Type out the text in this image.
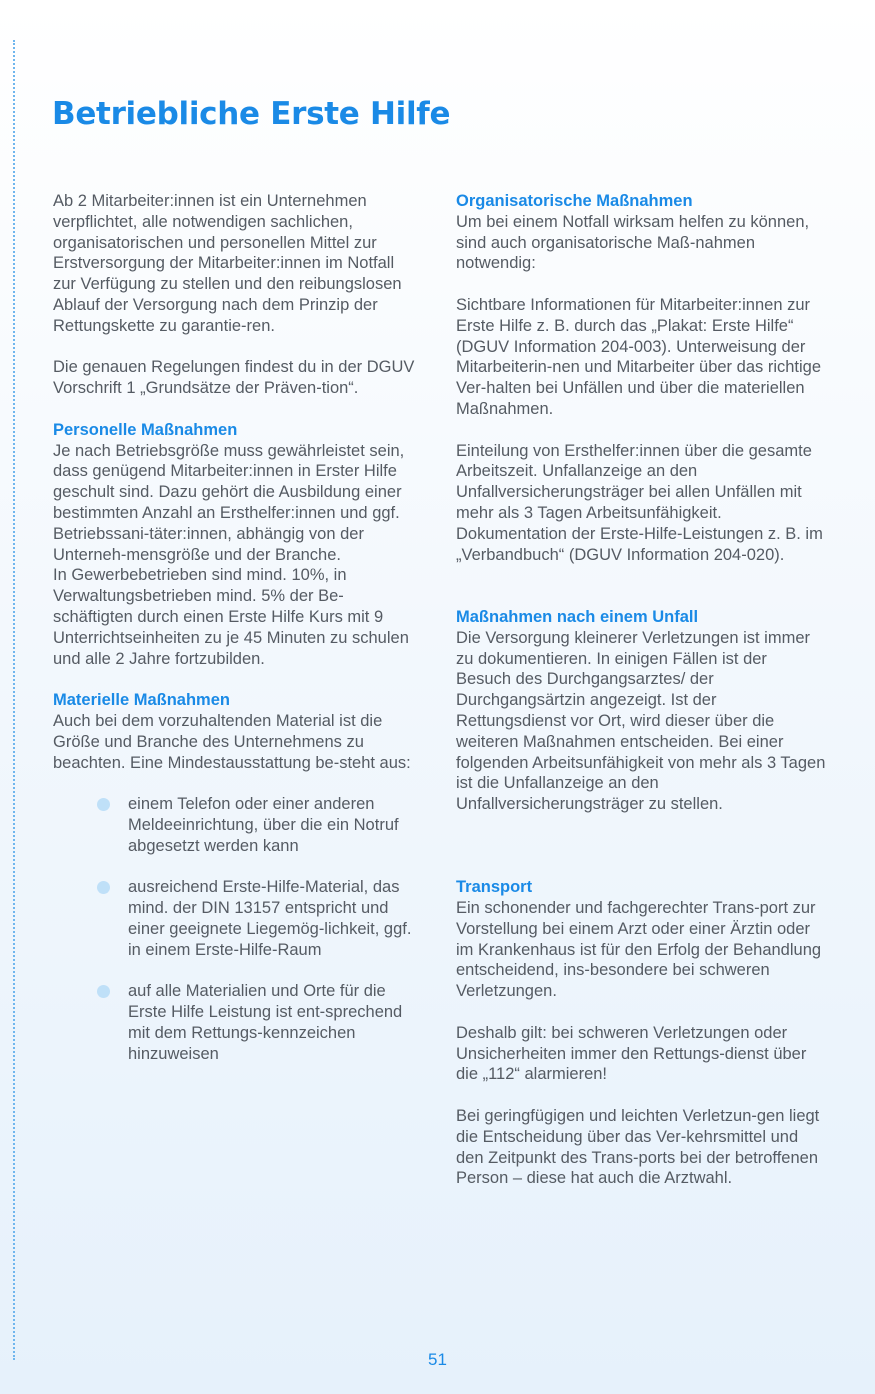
Betriebliche Erste Hilfe

Ab 2 Mitarbeiter:innen ist ein Unternehmen verpflichtet, alle notwendigen sachlichen, organisatorischen und personellen Mittel zur Erstversorgung der Mitarbeiter:innen im Notfall zur Verfügung zu stellen und den reibungslosen Ablauf der Versorgung nach dem Prinzip der Rettungskette zu garantie-ren.

Die genauen Regelungen findest du in der DGUV Vorschrift 1 „Grundsätze der Präven-tion“.

Personelle Maßnahmen

Je nach Betriebsgröße muss gewährleistet sein, dass genügend Mitarbeiter:innen in Erster Hilfe geschult sind. Dazu gehört die Ausbildung einer bestimmten Anzahl an Ersthelfer:innen und ggf. Betriebssani-täter:innen, abhängig von der Unterneh-mensgröße und der Branche.

In Gewerbebetrieben sind mind. 10%, in Verwaltungsbetrieben mind. 5% der Be-schäftigten durch einen Erste Hilfe Kurs mit 9 Unterrichtseinheiten zu je 45 Minuten zu schulen und alle 2 Jahre fortzubilden.

Materielle Maßnahmen

Auch bei dem vorzuhaltenden Material ist die Größe und Branche des Unternehmens zu beachten. Eine Mindestausstattung be-steht aus:

einem Telefon oder einer anderen Meldeeinrichtung, über die ein Notruf abgesetzt werden kann
ausreichend Erste-Hilfe-Material, das mind. der DIN 13157 entspricht und einer geeignete Liegemög-lichkeit, ggf. in einem Erste-Hilfe-Raum
auf alle Materialien und Orte für die Erste Hilfe Leistung ist ent-sprechend mit dem Rettungs-kennzeichen hinzuweisen

Organisatorische Maßnahmen

Um bei einem Notfall wirksam helfen zu können, sind auch organisatorische Maß-nahmen notwendig:

Sichtbare Informationen für Mitarbeiter:innen zur Erste Hilfe z. B. durch das „Plakat: Erste Hilfe“ (DGUV Information 204-003). Unterweisung der Mitarbeiterin-nen und Mitarbeiter über das richtige Ver-halten bei Unfällen und über die materiellen Maßnahmen.

Einteilung von Ersthelfer:innen über die gesamte Arbeitszeit. Unfallanzeige an den Unfallversicherungsträger bei allen Unfällen mit mehr als 3 Tagen Arbeitsunfähigkeit. Dokumentation der Erste-Hilfe-Leistungen z. B. im „Verbandbuch“ (DGUV Information 204-020).

Maßnahmen nach einem Unfall

Die Versorgung kleinerer Verletzungen ist immer zu dokumentieren. In einigen Fällen ist der Besuch des Durchgangsarztes/ der Durchgangsärtzin angezeigt. Ist der Rettungsdienst vor Ort, wird dieser über die weiteren Maßnahmen entscheiden. Bei einer folgenden Arbeitsunfähigkeit von mehr als 3 Tagen ist die Unfallanzeige an den Unfallversicherungsträger zu stellen.

Transport

Ein schonender und fachgerechter Trans-port zur Vorstellung bei einem Arzt oder einer Ärztin oder im Krankenhaus ist für den Erfolg der Behandlung entscheidend, ins-besondere bei schweren Verletzungen.

Deshalb gilt: bei schweren Verletzungen oder Unsicherheiten immer den Rettungs-dienst über die „112“ alarmieren!

Bei geringfügigen und leichten Verletzun-gen liegt die Entscheidung über das Ver-kehrsmittel und den Zeitpunkt des Trans-ports bei der betroffenen Person – diese hat auch die Arztwahl.

51
